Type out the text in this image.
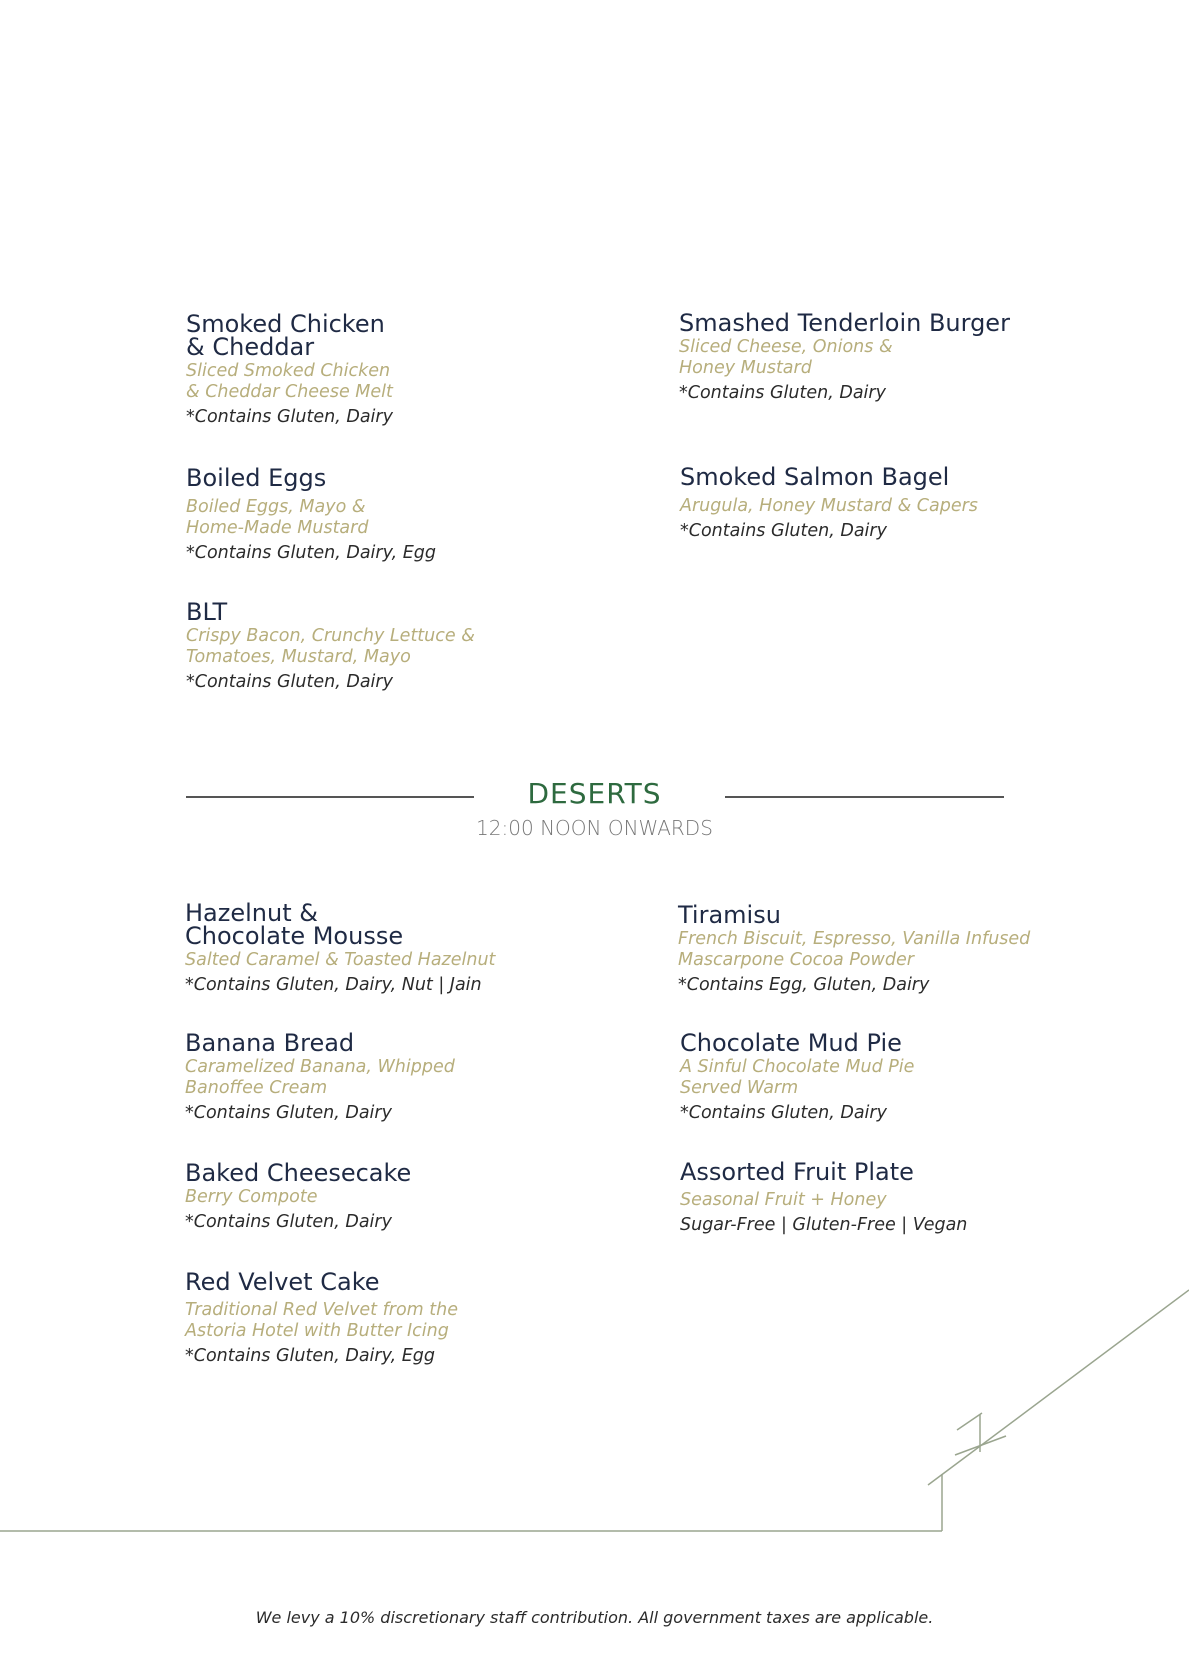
Smoked Chicken
& Cheddar
Sliced Smoked Chicken
& Cheddar Cheese Melt
*Contains Gluten, Dairy
Boiled Eggs
Boiled Eggs, Mayo &
Home-Made Mustard
*Contains Gluten, Dairy, Egg
BLT
Crispy Bacon, Crunchy Lettuce &
Tomatoes, Mustard, Mayo
*Contains Gluten, Dairy
Smashed Tenderloin Burger
Sliced Cheese, Onions &
Honey Mustard
*Contains Gluten, Dairy
Smoked Salmon Bagel
Arugula, Honey Mustard & Capers
*Contains Gluten, Dairy
DESERTS
12:00 NOON ONWARDS
Hazelnut &
Chocolate Mousse
Salted Caramel & Toasted Hazelnut
*Contains Gluten, Dairy, Nut | Jain
Banana Bread
Caramelized Banana, Whipped
Banoffee Cream
*Contains Gluten, Dairy
Baked Cheesecake
Berry Compote
*Contains Gluten, Dairy
Red Velvet Cake
Traditional Red Velvet from the
Astoria Hotel with Butter Icing
*Contains Gluten, Dairy, Egg
Tiramisu
French Biscuit, Espresso, Vanilla Infused
Mascarpone Cocoa Powder
*Contains Egg, Gluten, Dairy
Chocolate Mud Pie
A Sinful Chocolate Mud Pie
Served Warm
*Contains Gluten, Dairy
Assorted Fruit Plate
Seasonal Fruit + Honey
Sugar-Free | Gluten-Free | Vegan
We levy a 10% discretionary staff contribution. All government taxes are applicable.
